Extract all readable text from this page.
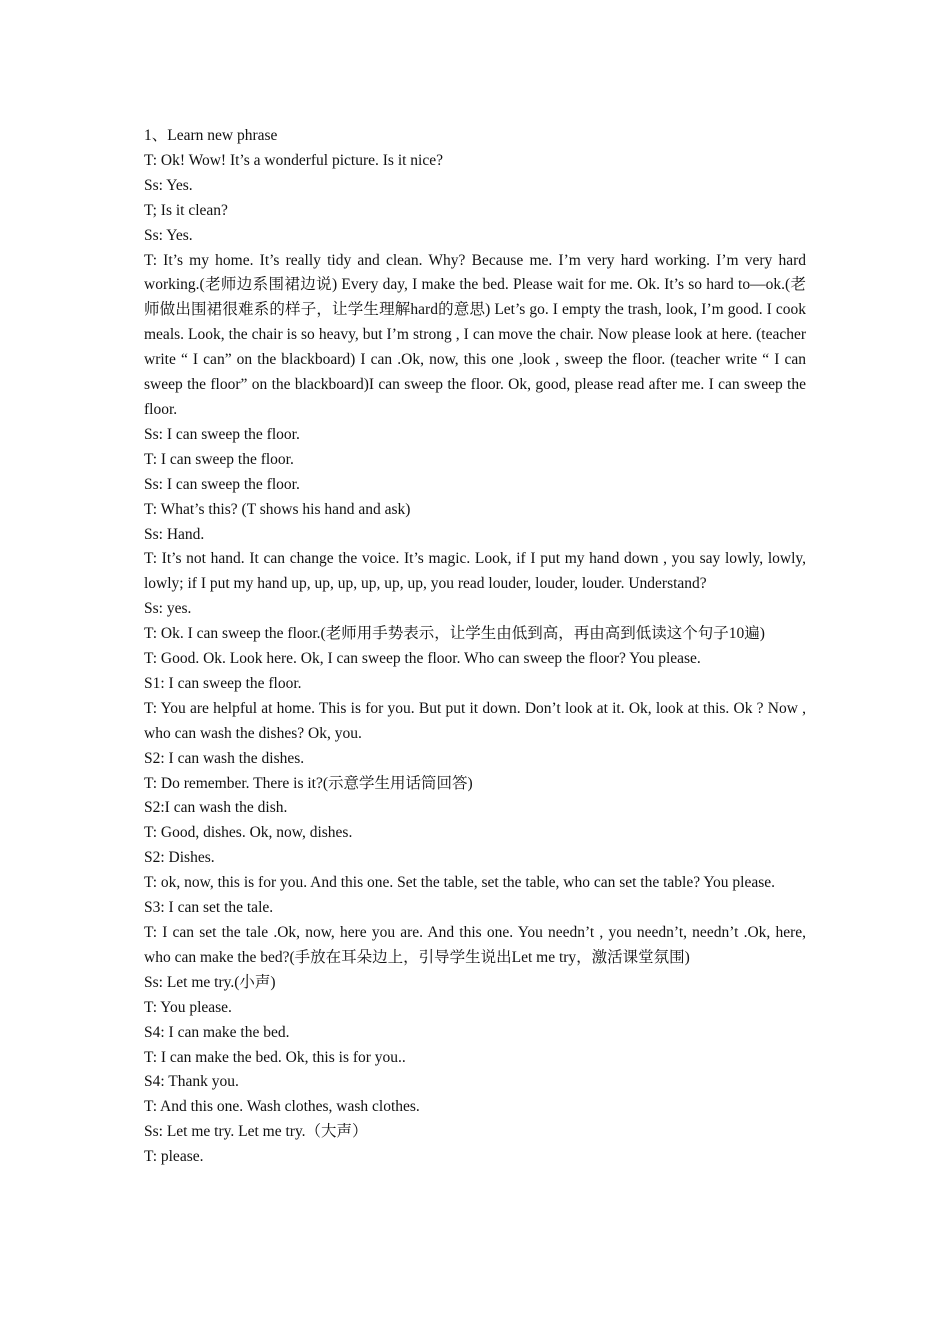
1、Learn new phrase

T: Ok! Wow! It’s a wonderful picture. Is it nice?

Ss: Yes.

T; Is it clean?

Ss: Yes.

T: It’s my home. It’s really tidy and clean. Why? Because me. I’m very hard working. I’m very hard working.(老师边系围裙边说) Every day, I make the bed. Please wait for me. Ok. It’s so hard to—ok.(老师做出围裙很难系的样子，让学生理解hard的意思) Let’s go. I empty the trash, look, I’m good. I cook meals. Look, the chair is so heavy, but I’m strong , I can move the chair. Now please look at here. (teacher write “ I can” on the blackboard) I can .Ok, now, this one ,look , sweep the floor. (teacher write “ I can sweep the floor” on the blackboard)I can sweep the floor. Ok, good, please read after me. I can sweep the floor.

Ss: I can sweep the floor.

T: I can sweep the floor.

Ss: I can sweep the floor.

T: What’s this? (T shows his hand and ask)

Ss: Hand.

T: It’s not hand. It can change the voice. It’s magic. Look, if I put my hand down , you say lowly, lowly, lowly; if I put my hand up, up, up, up, up, up, you read louder, louder, louder. Understand?

Ss: yes.

T: Ok. I can sweep the floor.(老师用手势表示，让学生由低到高，再由高到低读这个句子10遍)

T: Good. Ok. Look here. Ok, I can sweep the floor. Who can sweep the floor? You please.

S1: I can sweep the floor.

T: You are helpful at home. This is for you. But put it down. Don’t look at it. Ok, look at this. Ok ? Now , who can wash the dishes? Ok, you.

S2: I can wash the dishes.

T: Do remember. There is it?(示意学生用话筒回答)

S2:I can wash the dish.

T: Good, dishes. Ok, now, dishes.

S2: Dishes.

T: ok, now, this is for you. And this one. Set the table, set the table, who can set the table? You please.

S3: I can set the tale.

T: I can set the tale .Ok, now, here you are. And this one. You needn’t , you needn’t, needn’t .Ok, here, who can make the bed?(手放在耳朵边上，引导学生说出Let me try，激活课堂氛围)

Ss: Let me try.(小声)

T: You please.

S4: I can make the bed.

T: I can make the bed. Ok, this is for you..

S4: Thank you.

T: And this one. Wash clothes, wash clothes.

Ss: Let me try. Let me try.（大声）

T: please.
